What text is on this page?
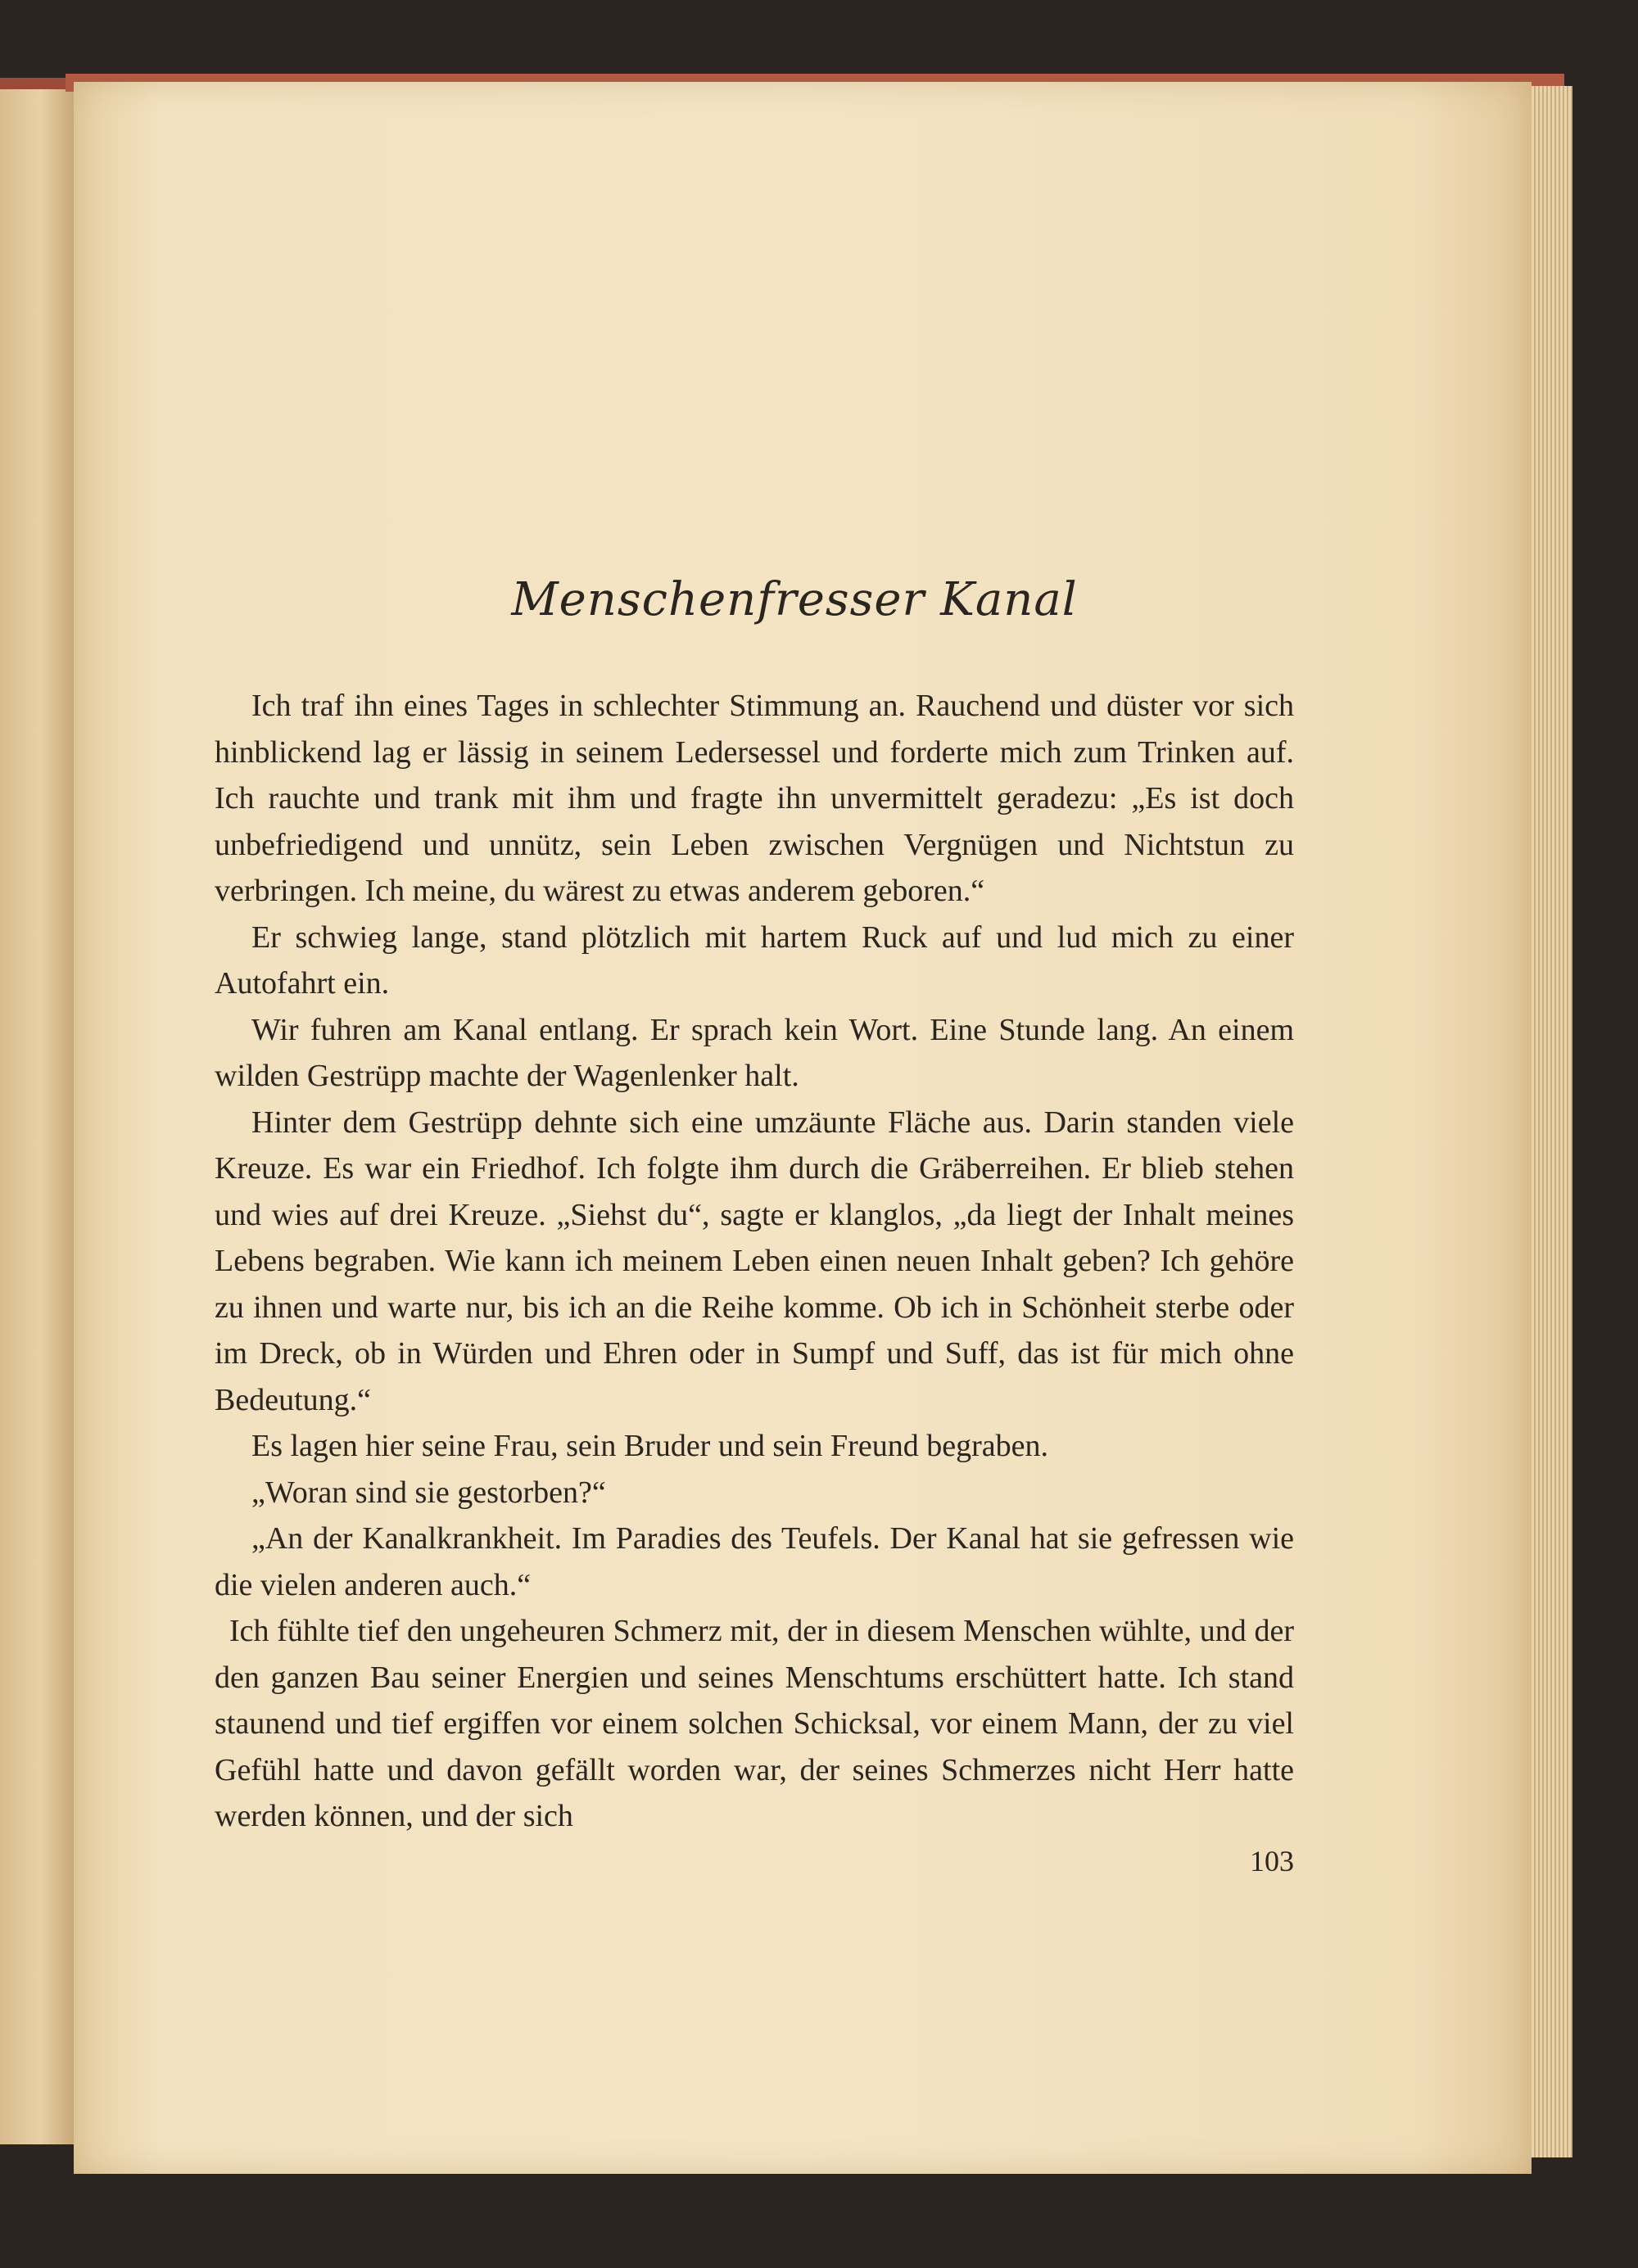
Menschenfresser Kanal

Ich traf ihn eines Tages in schlechter Stimmung an. Rauchend und düster vor sich hinblickend lag er lässig in seinem Ledersessel und forderte mich zum Trinken auf. Ich rauchte und trank mit ihm und fragte ihn unvermittelt geradezu: „Es ist doch unbefriedigend und unnütz, sein Leben zwischen Vergnügen und Nichtstun zu verbringen. Ich meine, du wärest zu etwas anderem geboren.“

Er schwieg lange, stand plötzlich mit hartem Ruck auf und lud mich zu einer Autofahrt ein.

Wir fuhren am Kanal entlang. Er sprach kein Wort. Eine Stunde lang. An einem wilden Gestrüpp machte der Wagenlenker halt.

Hinter dem Gestrüpp dehnte sich eine umzäunte Fläche aus. Darin standen viele Kreuze. Es war ein Friedhof. Ich folgte ihm durch die Gräberreihen. Er blieb stehen und wies auf drei Kreuze. „Siehst du“, sagte er klanglos, „da liegt der Inhalt meines Lebens begraben. Wie kann ich meinem Leben einen neuen Inhalt geben? Ich gehöre zu ihnen und warte nur, bis ich an die Reihe komme. Ob ich in Schönheit sterbe oder im Dreck, ob in Würden und Ehren oder in Sumpf und Suff, das ist für mich ohne Bedeutung.“

Es lagen hier seine Frau, sein Bruder und sein Freund begraben.

„Woran sind sie gestorben?“

„An der Kanalkrankheit. Im Paradies des Teufels. Der Kanal hat sie gefressen wie die vielen anderen auch.“

Ich fühlte tief den ungeheuren Schmerz mit, der in diesem Menschen wühlte, und der den ganzen Bau seiner Energien und seines Menschtums erschüttert hatte. Ich stand staunend und tief ergiffen vor einem solchen Schicksal, vor einem Mann, der zu viel Gefühl hatte und davon gefällt worden war, der seines Schmerzes nicht Herr hatte werden können, und der sich

103
